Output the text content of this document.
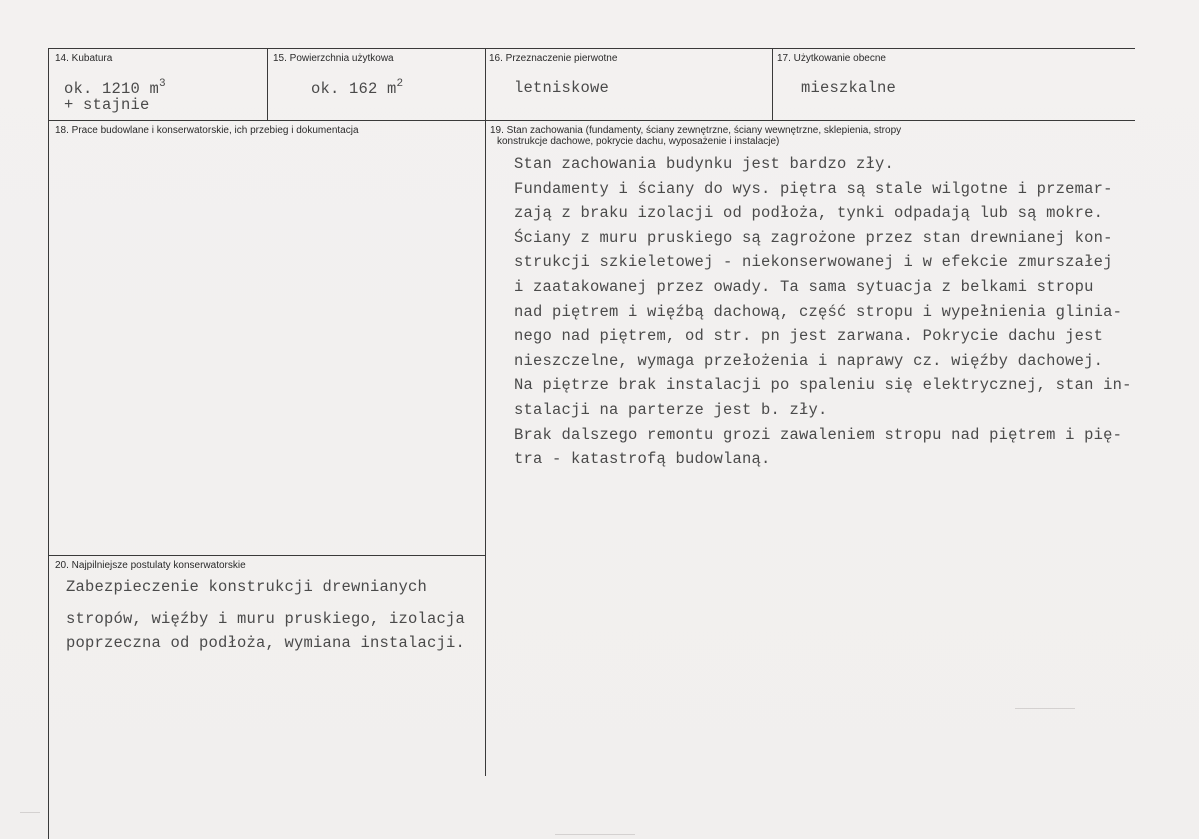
14. Kubatura
ok. 1210 $m^3$
+ stajnie
15. Powierzchnia użytkowa
ok. 162 $m^2$
16. Przeznaczenie pierwotne
letniskowe
17. Użytkowanie obecne
mieszkalne
18. Prace budowlane i konserwatorskie, ich przebieg i dokumentacja	19. Stan zachowania (fundamenty, ściany zewnętrzne, ściany wewnętrzne, sklepienia, stropy
konstrukcje dachowe, pokrycie dachu, wyposażenie i instalacje)
Stan zachowania budynku jest bardzo zły.
Fundamenty i ściany do wys. piętra są stale wilgotne i przemar-
zają z braku izolacji od podłoża, tynki odpadają lub są mokre.
Ściany z muru pruskiego są zagrożone przez stan drewnianej kon-
strukcji szkieletowej - niekonserwowanej i w efekcie zmurszałej
i zaatakowanej przez owady. Ta sama sytuacja z belkami stropu
nad piętrem i więźbą dachową, część stropu i wypełnienia glinia-
nego nad piętrem, od str. pn jest zarwana. Pokrycie dachu jest
nieszczelne, wymaga przełożenia i naprawy cz. więźby dachowej.
Na piętrze brak instalacji po spaleniu się elektrycznej, stan in-
stalacji na parterze jest b. zły.
Brak dalszego remontu grozi zawaleniem stropu nad piętrem i pię-
tra - katastrofą budowlaną.
20. Najpilniejsze postulaty konserwatorskie
Zabezpieczenie konstrukcji drewnianych
stropów, więźby i muru pruskiego, izolacja
poprzeczna od podłoża, wymiana instalacji.
